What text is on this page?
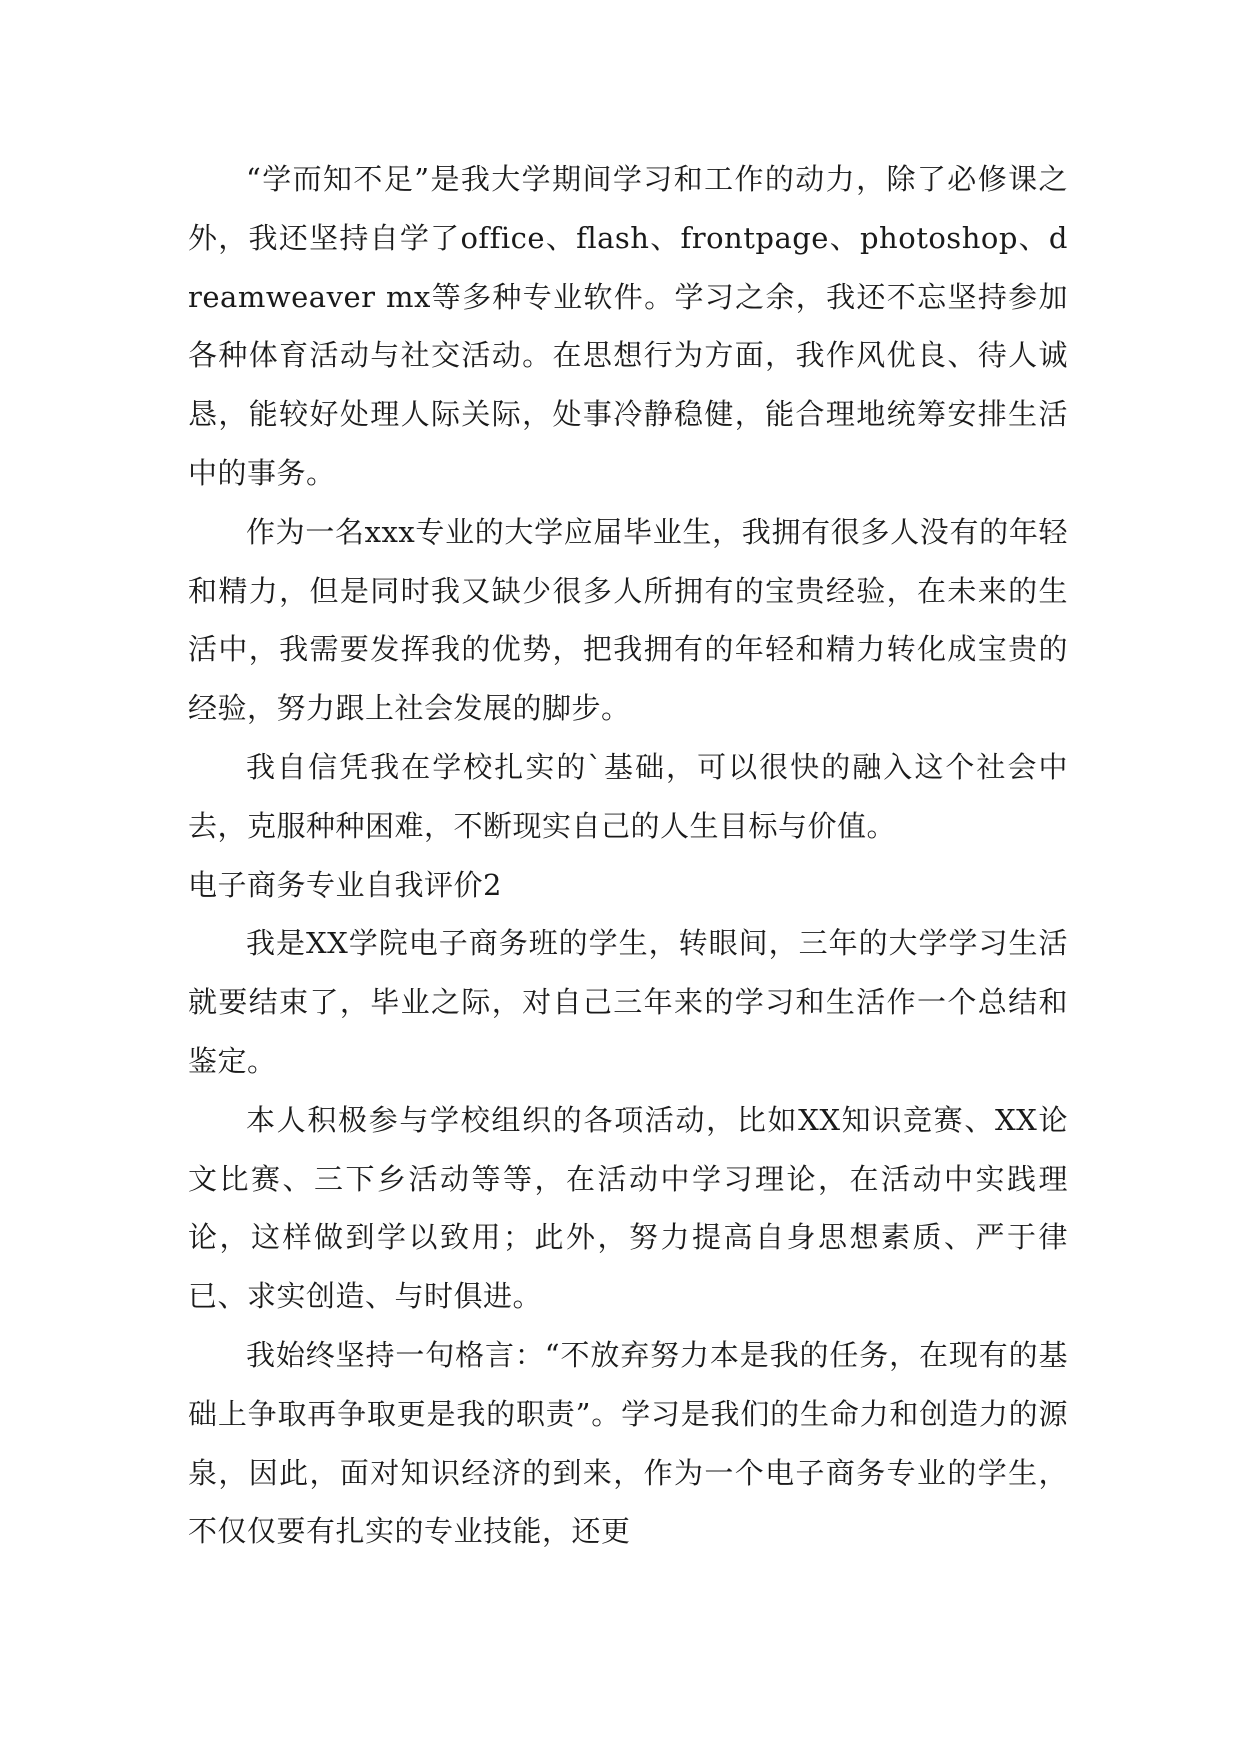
“学而知不足”是我大学期间学习和工作的动力，除了必修课之外，我还坚持自学了office、flash、frontpage、photoshop、dreamweaver mx等多种专业软件。学习之余，我还不忘坚持参加各种体育活动与社交活动。在思想行为方面，我作风优良、待人诚恳，能较好处理人际关际，处事冷静稳健，能合理地统筹安排生活中的事务。

作为一名xxx专业的大学应届毕业生，我拥有很多人没有的年轻和精力，但是同时我又缺少很多人所拥有的宝贵经验，在未来的生活中，我需要发挥我的优势，把我拥有的年轻和精力转化成宝贵的经验，努力跟上社会发展的脚步。

我自信凭我在学校扎实的`基础，可以很快的融入这个社会中去，克服种种困难，不断现实自己的人生目标与价值。

电子商务专业自我评价2

我是XX学院电子商务班的学生，转眼间，三年的大学学习生活就要结束了，毕业之际，对自己三年来的学习和生活作一个总结和鉴定。

本人积极参与学校组织的各项活动，比如XX知识竞赛、XX论文比赛、三下乡活动等等，在活动中学习理论，在活动中实践理论，这样做到学以致用；此外，努力提高自身思想素质、严于律已、求实创造、与时俱进。

我始终坚持一句格言：“不放弃努力本是我的任务，在现有的基础上争取再争取更是我的职责”。学习是我们的生命力和创造力的源泉，因此，面对知识经济的到来，作为一个电子商务专业的学生，不仅仅要有扎实的专业技能，还更
